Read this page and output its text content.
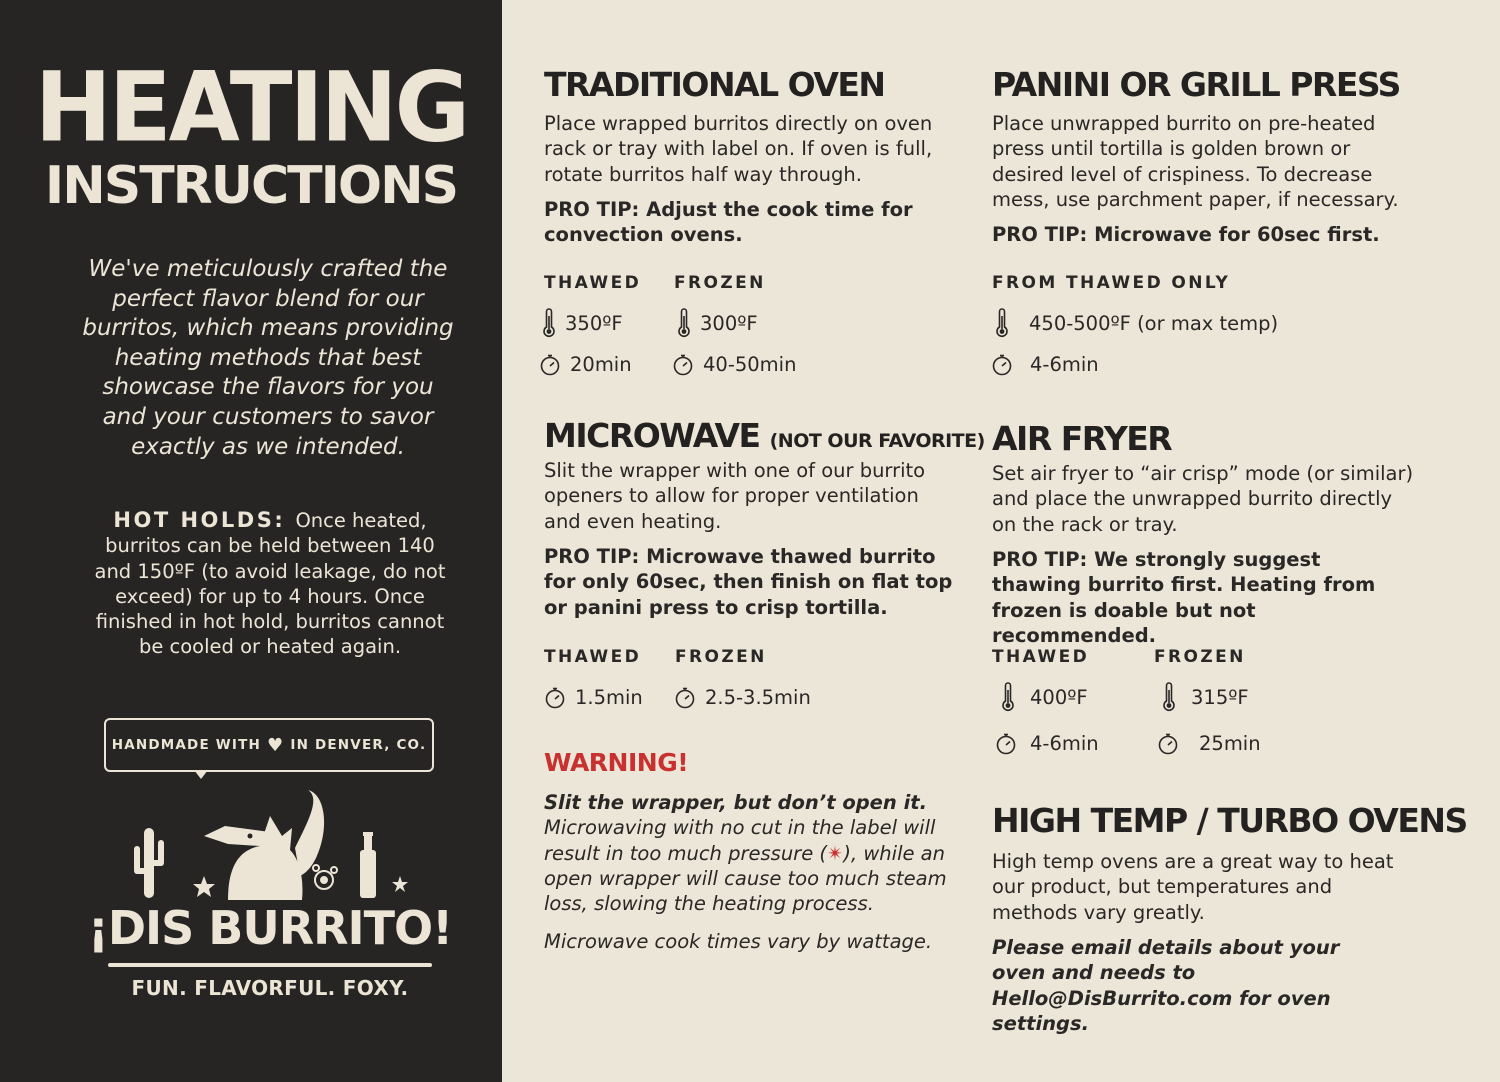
HEATING
INSTRUCTIONS
We've meticulously crafted the perfect flavor blend for our burritos, which means providing heating methods that best showcase the flavors for you and your customers to savor exactly as we intended.
HOT HOLDS: Once heated, burritos can be held between 140 and 150ºF (to avoid leakage, do not exceed) for up to 4 hours. Once finished in hot hold, burritos cannot be cooled or heated again.
HANDMADE WITH ♥ IN DENVER, CO.
¡DIS BURRITO!
FUN. FLAVORFUL. FOXY.
TRADITIONAL OVEN
Place wrapped burritos directly on oven rack or tray with label on. If oven is full, rotate burritos half way through.
PRO TIP: Adjust the cook time for convection ovens.
THAWED FROZEN
350ºF	300ºF
20min	40-50min
MICROWAVE (NOT OUR FAVORITE)
Slit the wrapper with one of our burrito openers to allow for proper ventilation and even heating.
PRO TIP: Microwave thawed burrito for only 60sec, then finish on flat top or panini press to crisp tortilla.
THAWED FROZEN
1.5min	2.5-3.5min
WARNING!
Slit the wrapper, but don’t open it.
Microwaving with no cut in the label will result in too much pressure (✴), while an open wrapper will cause too much steam loss, slowing the heating process.
Microwave cook times vary by wattage.
PANINI OR GRILL PRESS
Place unwrapped burrito on pre-heated press until tortilla is golden brown or desired level of crispiness. To decrease mess, use parchment paper, if necessary.
PRO TIP: Microwave for 60sec first.
FROM THAWED ONLY
450-500ºF (or max temp)
4-6min
AIR FRYER
Set air fryer to “air crisp” mode (or similar) and place the unwrapped burrito directly on the rack or tray.
PRO TIP: We strongly suggest thawing burrito first. Heating from frozen is doable but not recommended.
THAWED	FROZEN
400ºF	315ºF
4-6min	25min
HIGH TEMP / TURBO OVENS
High temp ovens are a great way to heat our product, but temperatures and methods vary greatly.
Please email details about your oven and needs to Hello@DisBurrito.com for oven settings.
